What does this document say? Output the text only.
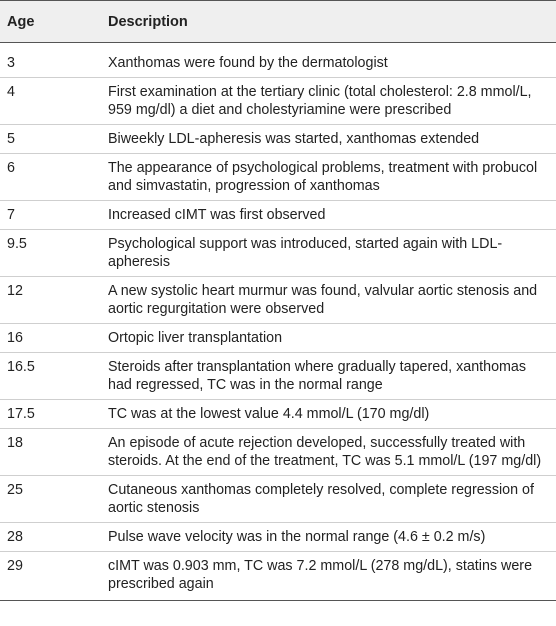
Age	Description
3	Xanthomas were found by the dermatologist
4	First examination at the tertiary clinic (total cholesterol: 2.8 mmol/L, 959 mg/dl) a diet and cholestyriamine were prescribed
5	Biweekly LDL-apheresis was started, xanthomas extended
6	The appearance of psychological problems, treatment with probucol and simvastatin, progression of xanthomas
7	Increased cIMT was first observed
9.5	Psychological support was introduced, started again with LDL-apheresis
12	A new systolic heart murmur was found, valvular aortic stenosis and aortic regurgitation were observed
16	Ortopic liver transplantation
16.5	Steroids after transplantation where gradually tapered, xanthomas had regressed, TC was in the normal range
17.5	TC was at the lowest value 4.4 mmol/L (170 mg/dl)
18	An episode of acute rejection developed, successfully treated with steroids. At the end of the treatment, TC was 5.1 mmol/L (197 mg/dl)
25	Cutaneous xanthomas completely resolved, complete regression of aortic stenosis
28	Pulse wave velocity was in the normal range (4.6 ± 0.2 m/s)
29	cIMT was 0.903 mm, TC was 7.2 mmol/L (278 mg/dL), statins were prescribed again
